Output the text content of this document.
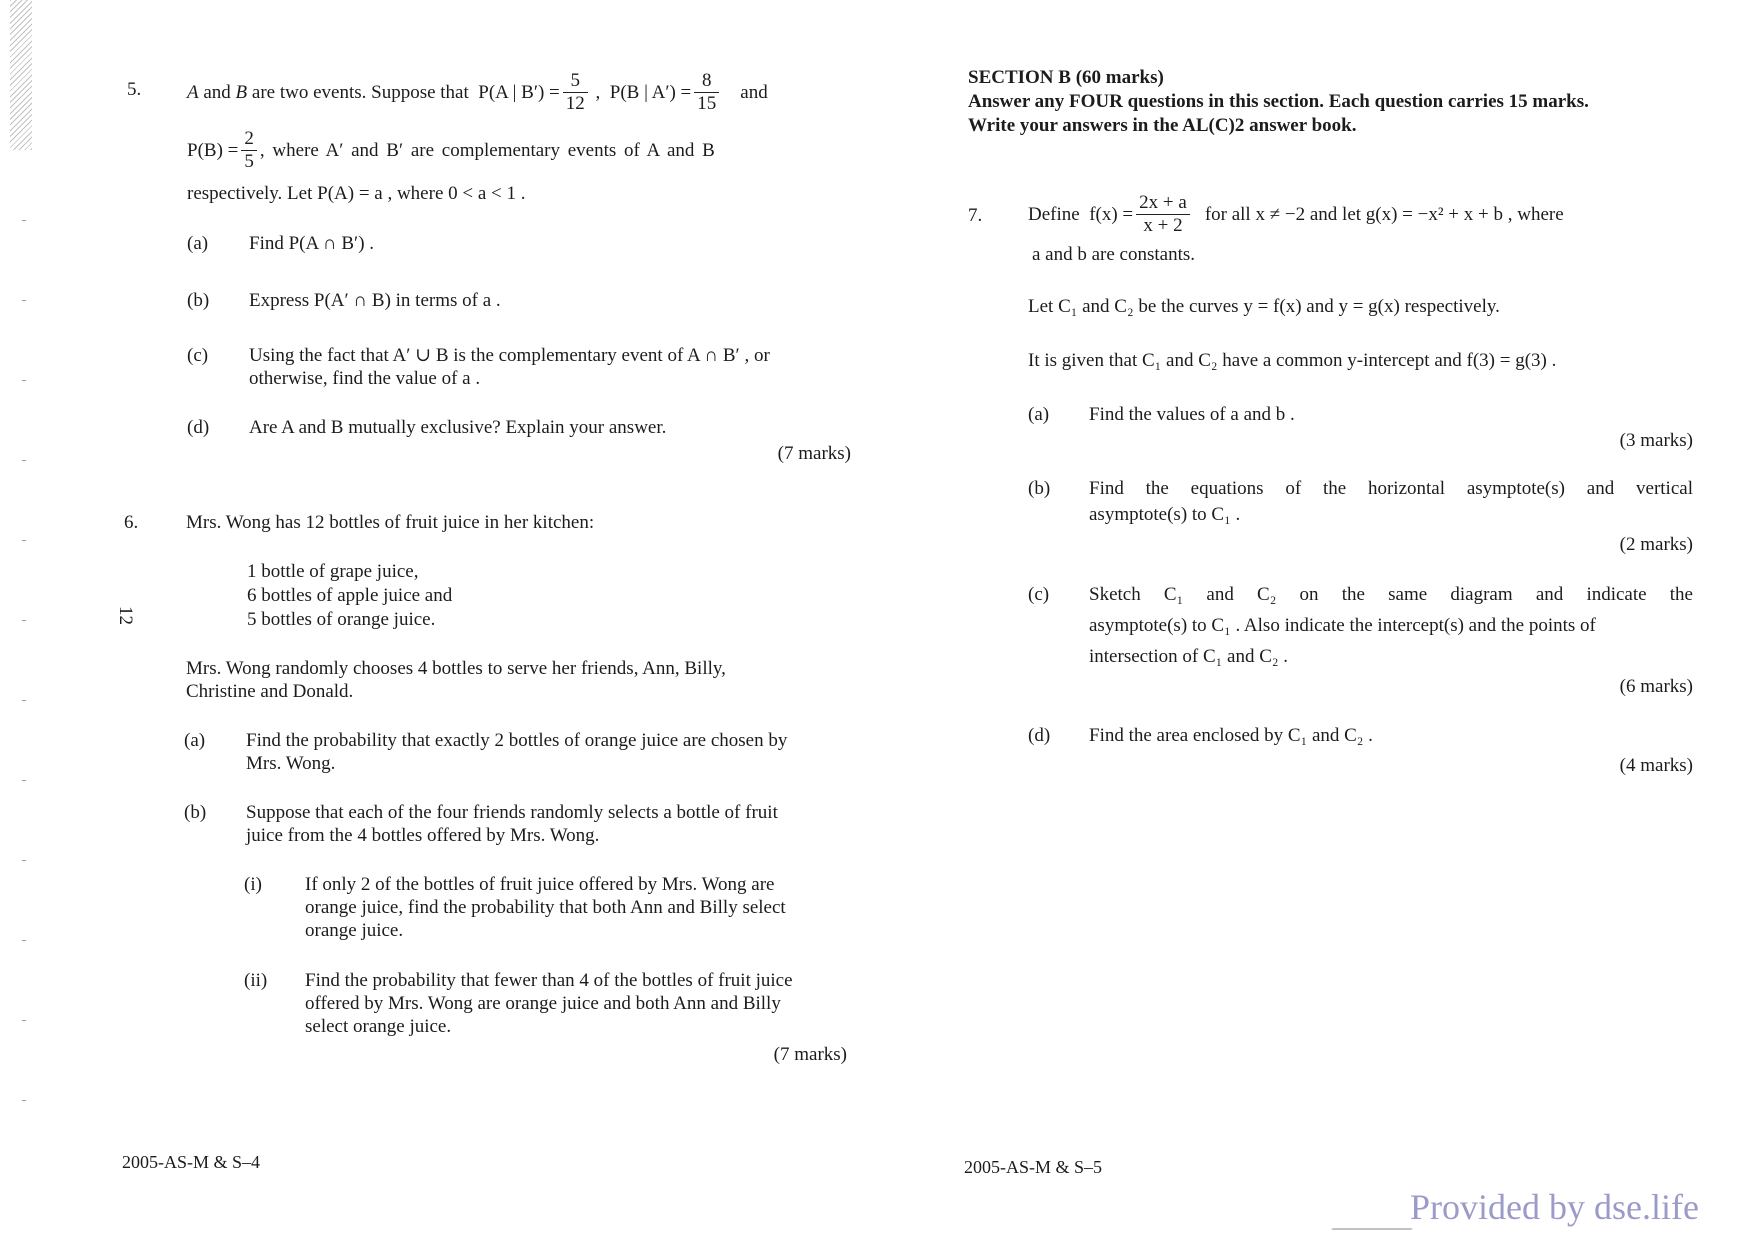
5. A
and
B
are two events. Suppose that
P(A | $B') = \frac{5}{12}$ , P(B | $A') = \frac{8}{15}$ and
$P(B) = \frac{2}{5}$ , where A′ and B′ are complementary events of A and B
respectively. Let P(A) = a , where 0 < a < 1 .
(a) Find P(A ∩ B′) .
(b) Express P(A′ ∩ B) in terms of a .
(c) Using the fact that A′ ∪ B is the complementary event of A ∩ B′ , or
otherwise, find the value of a .
(d) Are A and B mutually exclusive? Explain your answer.
(7 marks)
6.	Mrs. Wong has 12 bottles of fruit juice in her kitchen:
1 bottle of grape juice,
6 bottles of apple juice and
5 bottles of orange juice.
Mrs. Wong randomly chooses 4 bottles to serve her friends, Ann, Billy,
Christine and Donald.
(a) Find the probability that exactly 2 bottles of orange juice are chosen by
Mrs. Wong.
(b) Suppose that each of the four friends randomly selects a bottle of fruit
juice from the 4 bottles offered by Mrs. Wong.
(i) If only 2 of the bottles of fruit juice offered by Mrs. Wong are
orange juice, find the probability that both Ann and Billy select
orange juice.
(ii) Find the probability that fewer than 4 of the bottles of fruit juice
offered by Mrs. Wong are orange juice and both Ann and Billy
select orange juice.
(7 marks)
12
2005-AS-M & S–4
SECTION B (60 marks)
Answer any FOUR questions in this section. Each question carries 15 marks.
Write your answers in the AL(C)2 answer book.
7. Define
$f(x) = \frac{2x + a}{x + 2}$ for all x ≠ −2 and let g(x) = −x² + x + b , where
a and b are constants.
Let C₁ and C₂ be the curves y = f(x) and y = g(x) respectively.
It is given that C₁ and C₂ have a common y-intercept and f(3) = g(3) .
(a) Find the values of a and b .
(3 marks)
(b) Find the equations of the horizontal asymptote(s) and vertical
asymptote(s) to C₁ .
(2 marks)
(c) Sketch C₁ and C₂ on the same diagram and indicate the
asymptote(s) to C₁ . Also indicate the intercept(s) and the points of
intersection of C₁ and C₂ .
(6 marks)
(d) Find the area enclosed by C₁ and C₂ .
(4 marks)
2005-AS-M & S–5
Provided by dse.life
